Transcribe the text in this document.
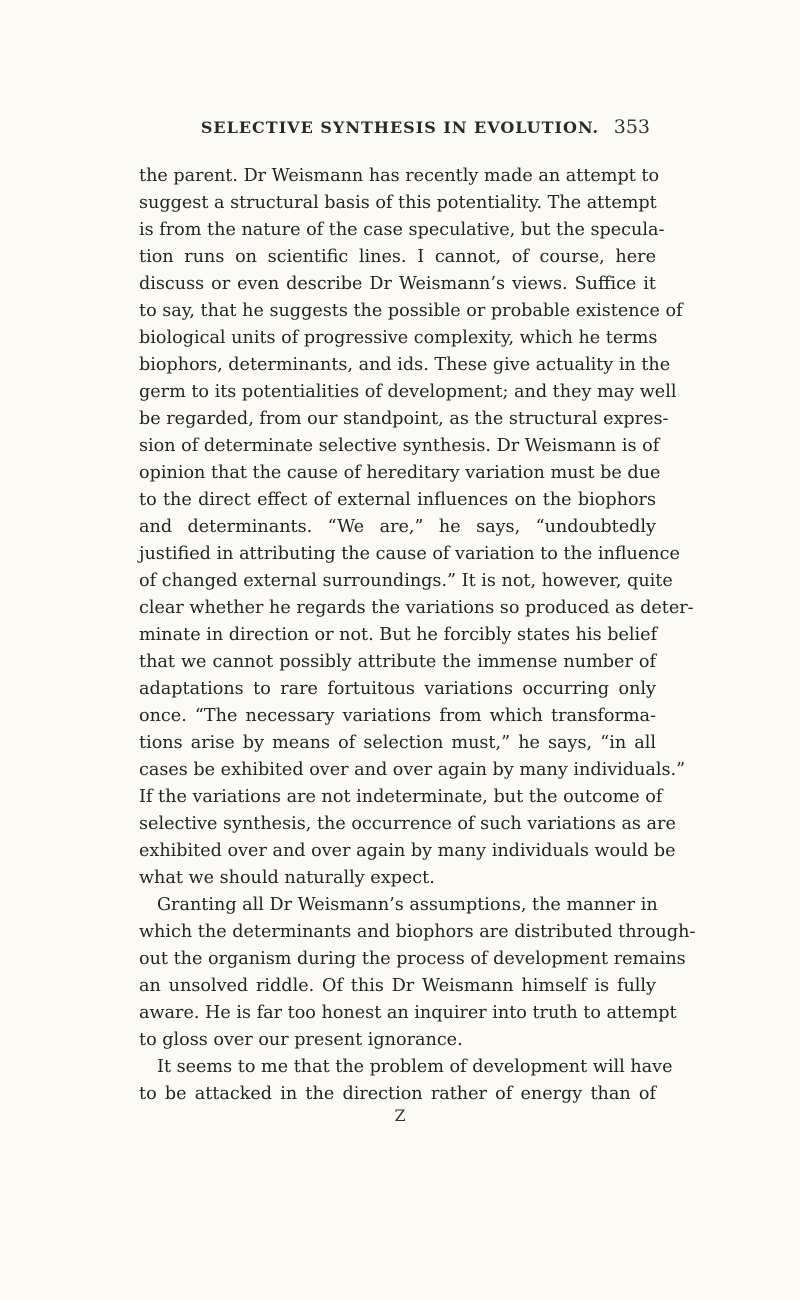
SELECTIVE SYNTHESIS IN EVOLUTION. 353
the parent. Dr Weismann has recently made an attempt to
suggest a structural basis of this potentiality. The attempt
is from the nature of the case speculative, but the specula-
tion runs on scientific lines. I cannot, of course, here
discuss or even describe Dr Weismann’s views. Suffice it
to say, that he suggests the possible or probable existence of
biological units of progressive complexity, which he terms
biophors, determinants, and ids. These give actuality in the
germ to its potentialities of development; and they may well
be regarded, from our standpoint, as the structural expres-
sion of determinate selective synthesis. Dr Weismann is of
opinion that the cause of hereditary variation must be due
to the direct effect of external influences on the biophors
and determinants. “We are,” he says, “undoubtedly
justified in attributing the cause of variation to the influence
of changed external surroundings.” It is not, however, quite
clear whether he regards the variations so produced as deter-
minate in direction or not. But he forcibly states his belief
that we cannot possibly attribute the immense number of
adaptations to rare fortuitous variations occurring only
once. “The necessary variations from which transforma-
tions arise by means of selection must,” he says, “in all
cases be exhibited over and over again by many individuals.”
If the variations are not indeterminate, but the outcome of
selective synthesis, the occurrence of such variations as are
exhibited over and over again by many individuals would be
what we should naturally expect.
Granting all Dr Weismann’s assumptions, the manner in
which the determinants and biophors are distributed through-
out the organism during the process of development remains
an unsolved riddle. Of this Dr Weismann himself is fully
aware. He is far too honest an inquirer into truth to attempt
to gloss over our present ignorance.
It seems to me that the problem of development will have
to be attacked in the direction rather of energy than of
Z
